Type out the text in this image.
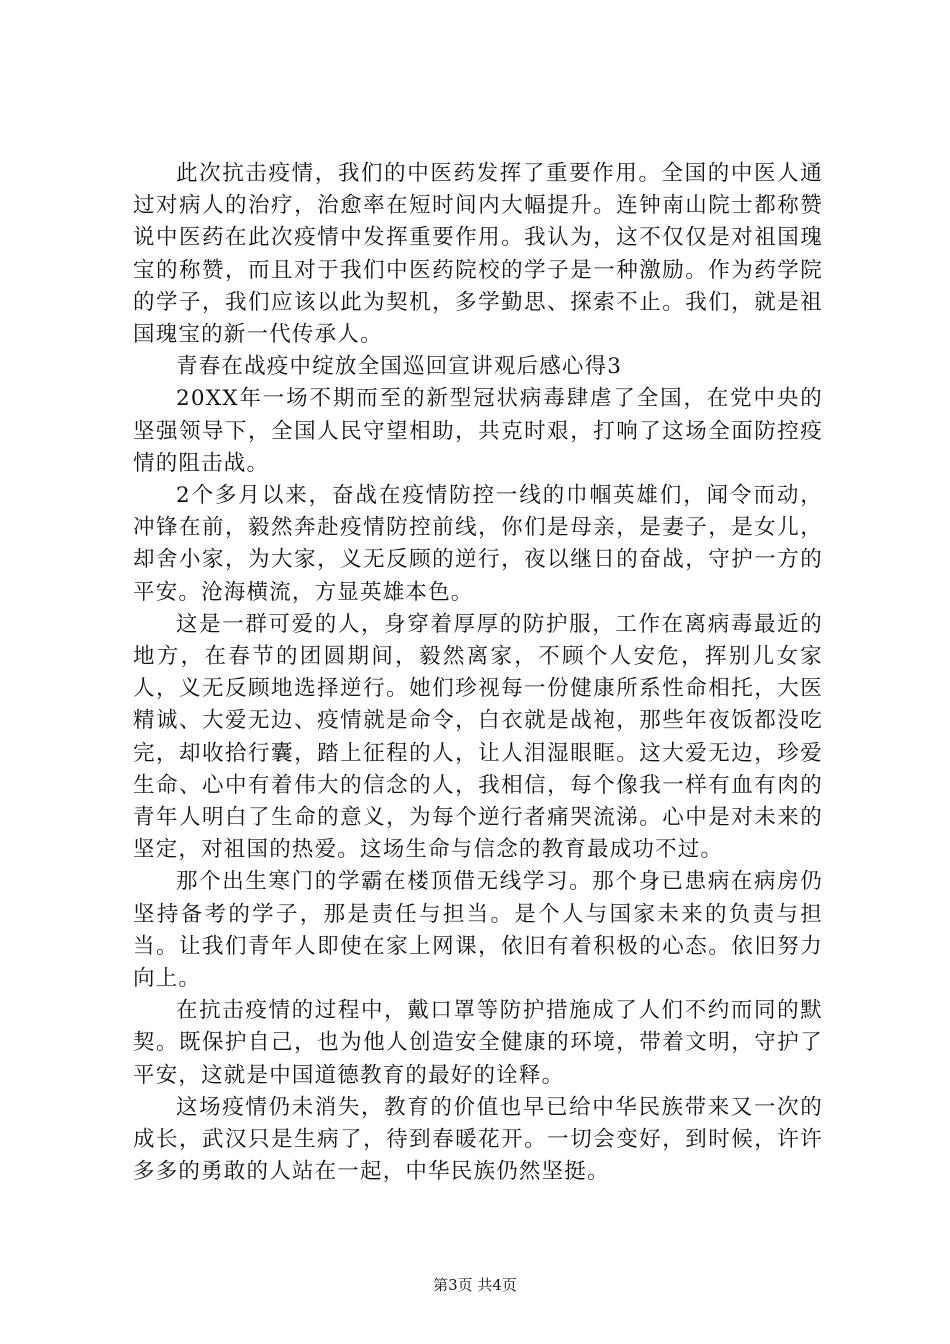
此次抗击疫情，我们的中医药发挥了重要作用。全国的中医人通过对病人的治疗，治愈率在短时间内大幅提升。连钟南山院士都称赞说中医药在此次疫情中发挥重要作用。我认为，这不仅仅是对祖国瑰宝的称赞，而且对于我们中医药院校的学子是一种激励。作为药学院的学子，我们应该以此为契机，多学勤思、探索不止。我们，就是祖国瑰宝的新一代传承人。

青春在战疫中绽放全国巡回宣讲观后感心得3

20XX年一场不期而至的新型冠状病毒肆虐了全国，在党中央的坚强领导下，全国人民守望相助，共克时艰，打响了这场全面防控疫情的阻击战。

2个多月以来，奋战在疫情防控一线的巾帼英雄们，闻令而动，冲锋在前，毅然奔赴疫情防控前线，你们是母亲，是妻子，是女儿，却舍小家，为大家，义无反顾的逆行，夜以继日的奋战，守护一方的平安。沧海横流，方显英雄本色。

这是一群可爱的人，身穿着厚厚的防护服，工作在离病毒最近的地方，在春节的团圆期间，毅然离家，不顾个人安危，挥别儿女家人，义无反顾地选择逆行。她们珍视每一份健康所系性命相托，大医精诚、大爱无边、疫情就是命令，白衣就是战袍，那些年夜饭都没吃完，却收拾行囊，踏上征程的人，让人泪湿眼眶。这大爱无边，珍爱生命、心中有着伟大的信念的人，我相信，每个像我一样有血有肉的青年人明白了生命的意义，为每个逆行者痛哭流涕。心中是对未来的坚定，对祖国的热爱。这场生命与信念的教育最成功不过。

那个出生寒门的学霸在楼顶借无线学习。那个身已患病在病房仍坚持备考的学子，那是责任与担当。是个人与国家未来的负责与担当。让我们青年人即使在家上网课，依旧有着积极的心态。依旧努力向上。

在抗击疫情的过程中，戴口罩等防护措施成了人们不约而同的默契。既保护自己，也为他人创造安全健康的环境，带着文明，守护了平安，这就是中国道德教育的最好的诠释。

这场疫情仍未消失，教育的价值也早已给中华民族带来又一次的成长，武汉只是生病了，待到春暖花开。一切会变好，到时候，许许多多的勇敢的人站在一起，中华民族仍然坚挺。

第3页 共4页
